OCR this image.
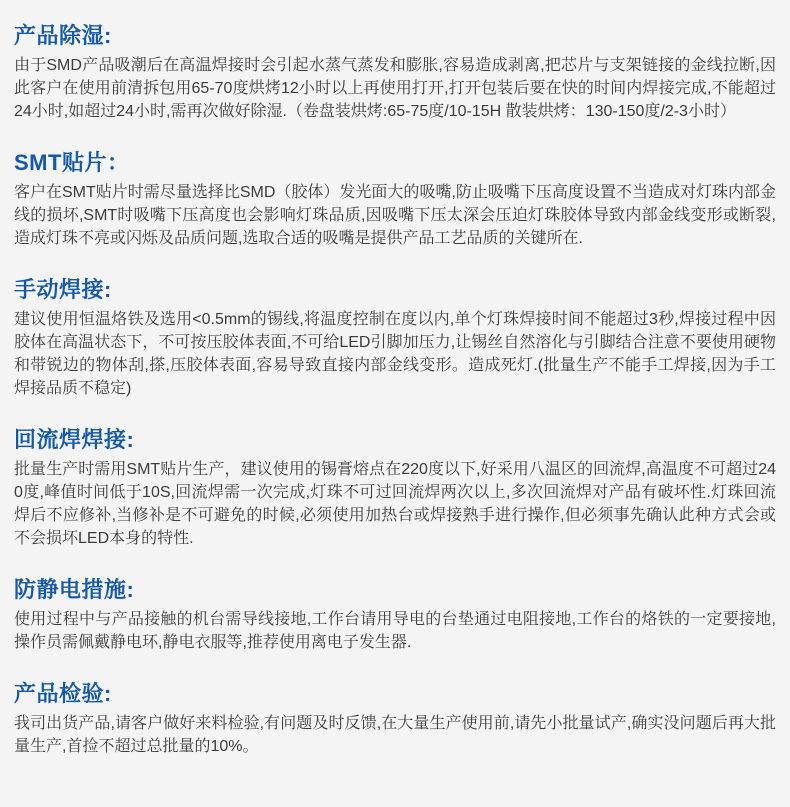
产品除湿:

由于SMD产品吸潮后在高温焊接时会引起水蒸气蒸发和膨胀,容易造成剥离,把芯片与支架链接的金线拉断,因此客户在使用前清拆包用65-70度烘烤12小时以上再使用打开,打开包装后要在快的时间内焊接完成,不能超过24小时,如超过24小时,需再次做好除湿.（卷盘装烘烤:65-75度/10-15H 散装烘烤：130-150度/2-3小时）

SMT贴片：

客户在SMT贴片时需尽量选择比SMD（胶体）发光面大的吸嘴,防止吸嘴下压高度设置不当造成对灯珠内部金线的损坏,SMT时吸嘴下压高度也会影响灯珠品质,因吸嘴下压太深会压迫灯珠胶体导致内部金线变形或断裂,造成灯珠不亮或闪烁及品质问题,选取合适的吸嘴是提供产品工艺品质的关键所在.

手动焊接:

建议使用恒温烙铁及选用<0.5mm的锡线,将温度控制在度以内,单个灯珠焊接时间不能超过3秒,焊接过程中因胶体在高温状态下，不可按压胶体表面,不可给LED引脚加压力,让锡丝自然溶化与引脚结合注意不要使用硬物和带锐边的物体刮,搽,压胶体表面,容易导致直接内部金线变形。造成死灯.(批量生产不能手工焊接,因为手工焊接品质不稳定)

回流焊焊接:

批量生产时需用SMT贴片生产，建议使用的锡膏熔点在220度以下,好采用八温区的回流焊,高温度不可超过240度,峰值时间低于10S,回流焊需一次完成,灯珠不可过回流焊两次以上,多次回流焊对产品有破坏性.灯珠回流焊后不应修补,当修补是不可避免的时候,必须使用加热台或焊接熟手进行操作,但必须事先确认此种方式会或不会损坏LED本身的特性.

防静电措施:

使用过程中与产品接触的机台需导线接地,工作台请用导电的台垫通过电阻接地,工作台的烙铁的一定要接地,操作员需佩戴静电环,静电衣服等,推荐使用离电子发生器.

产品检验:

我司出货产品,请客户做好来料检验,有问题及时反馈,在大量生产使用前,请先小批量试产,确实没问题后再大批量生产,首捡不超过总批量的10%。
